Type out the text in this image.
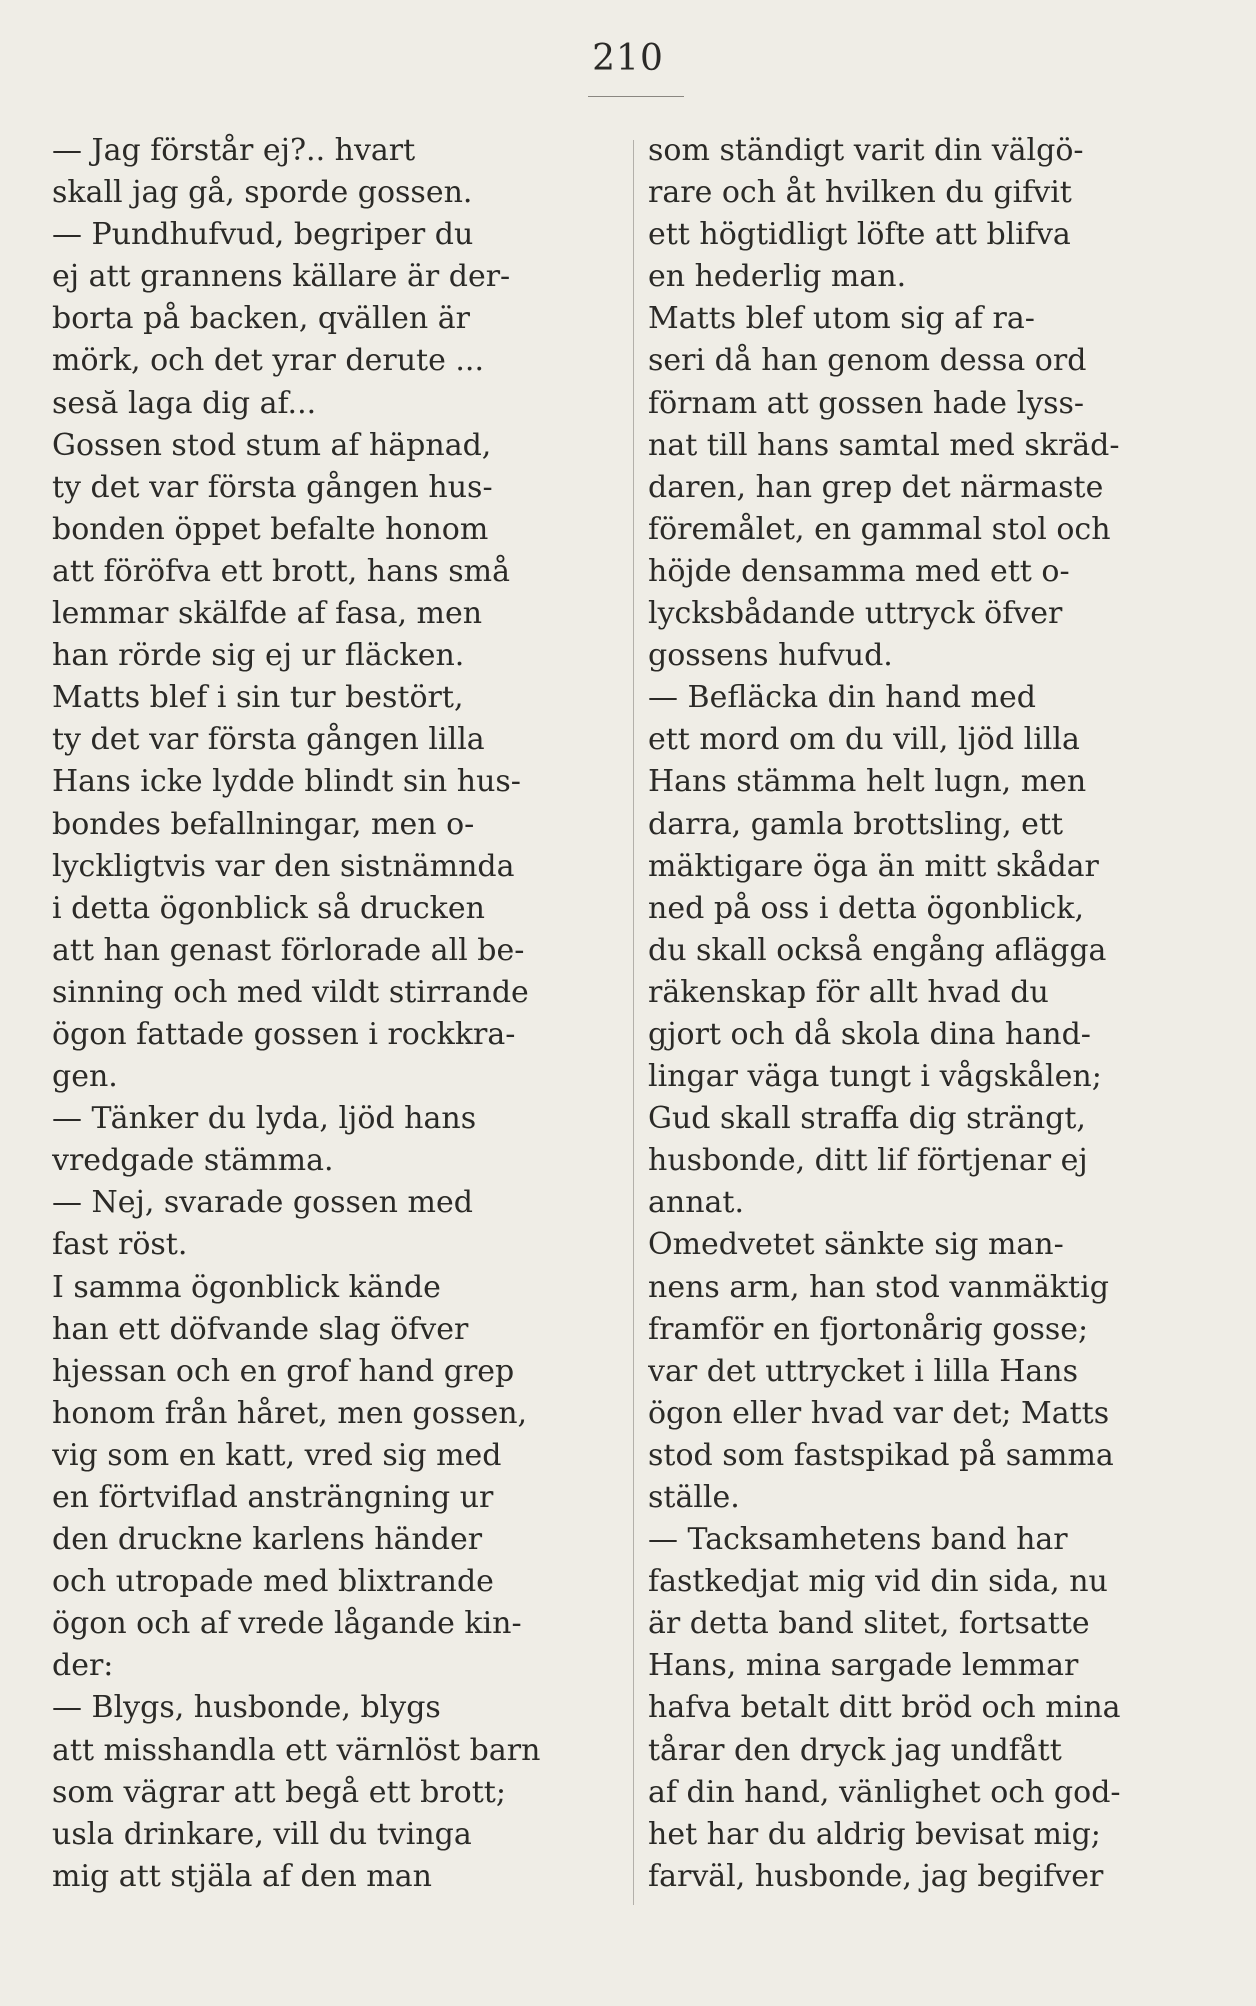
210
— Jag förstår ej?.. hvart
skall jag gå, sporde gossen.
— Pundhufvud, begriper du
ej att grannens källare är der-
borta på backen, qvällen är
mörk, och det yrar derute ...
sesă laga dig af...
Gossen stod stum af häpnad,
ty det var första gången hus-
bonden öppet befalte honom
att föröfva ett brott, hans små
lemmar skälfde af fasa, men
han rörde sig ej ur fläcken.
Matts blef i sin tur bestört,
ty det var första gången lilla
Hans icke lydde blindt sin hus-
bondes befallningar, men o-
lyckligtvis var den sistnämnda
i detta ögonblick så drucken
att han genast förlorade all be-
sinning och med vildt stirrande
ögon fattade gossen i rockkra-
gen.
— Tänker du lyda, ljöd hans
vredgade stämma.
— Nej, svarade gossen med
fast röst.
I samma ögonblick kände
han ett döfvande slag öfver
hjessan och en grof hand grep
honom från håret, men gossen,
vig som en katt, vred sig med
en förtviflad ansträngning ur
den druckne karlens händer
och utropade med blixtrande
ögon och af vrede lågande kin-
der:
— Blygs, husbonde, blygs
att misshandla ett värnlöst barn
som vägrar att begå ett brott;
usla drinkare, vill du tvinga
mig att stjäla af den man
som ständigt varit din välgö-
rare och åt hvilken du gifvit
ett högtidligt löfte att blifva
en hederlig man.
Matts blef utom sig af ra-
seri då han genom dessa ord
förnam att gossen hade lyss-
nat till hans samtal med skräd-
daren, han grep det närmaste
föremålet, en gammal stol och
höjde densamma med ett o-
lycksbådande uttryck öfver
gossens hufvud.
— Befläcka din hand med
ett mord om du vill, ljöd lilla
Hans stämma helt lugn, men
darra, gamla brottsling, ett
mäktigare öga än mitt skådar
ned på oss i detta ögonblick,
du skall också engång aflägga
räkenskap för allt hvad du
gjort och då skola dina hand-
lingar väga tungt i vågskålen;
Gud skall straffa dig strängt,
husbonde, ditt lif förtjenar ej
annat.
Omedvetet sänkte sig man-
nens arm, han stod vanmäktig
framför en fjortonårig gosse;
var det uttrycket i lilla Hans
ögon eller hvad var det; Matts
stod som fastspikad på samma
ställe.
— Tacksamhetens band har
fastkedjat mig vid din sida, nu
är detta band slitet, fortsatte
Hans, mina sargade lemmar
hafva betalt ditt bröd och mina
tårar den dryck jag undfått
af din hand, vänlighet och god-
het har du aldrig bevisat mig;
farväl, husbonde, jag begifver
